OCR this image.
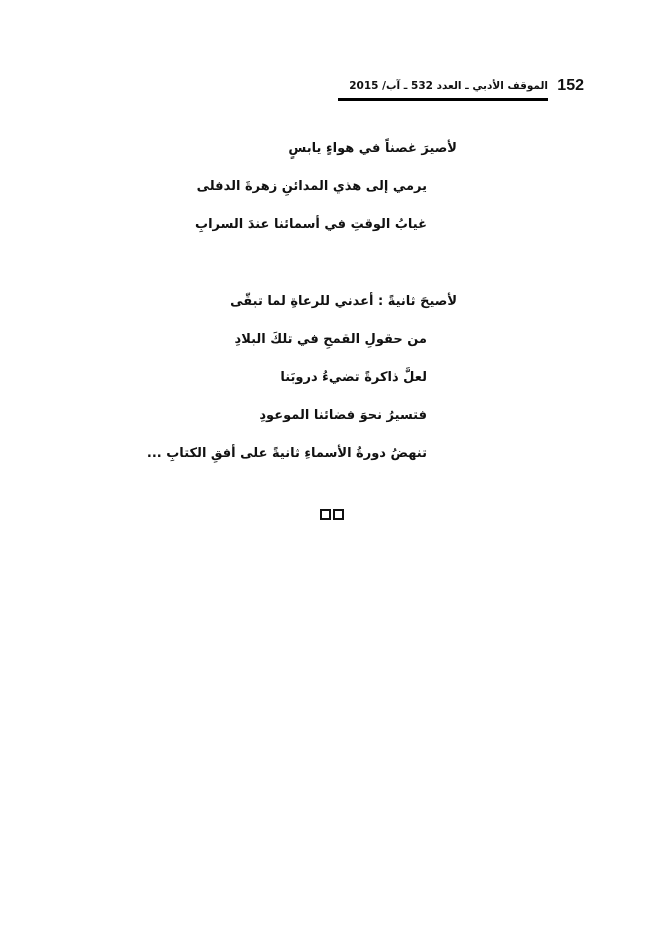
152
الموقف الأدبي ـ العدد 532 ـ آب/ 2015
لأصيرَ غصناً في هواءٍ يابسٍ
يرمي إلى هذي المدائنِ زهرةَ الدفلى
غيابُ الوقتِ في أسمائنا عندَ السرابِ
لأصيحَ ثانيةً : أعدني للرعاةِ لما تبقّى
من حقولِ القمحِ في تلكَ البلادِ
لعلَّ ذاكرةً تضيءُ دروبَنا
فتسيرُ نحوَ فضائنا الموعودِ
تنهضُ دورةُ الأسماءِ ثانيةً على أفقِ الكتابِ ...
